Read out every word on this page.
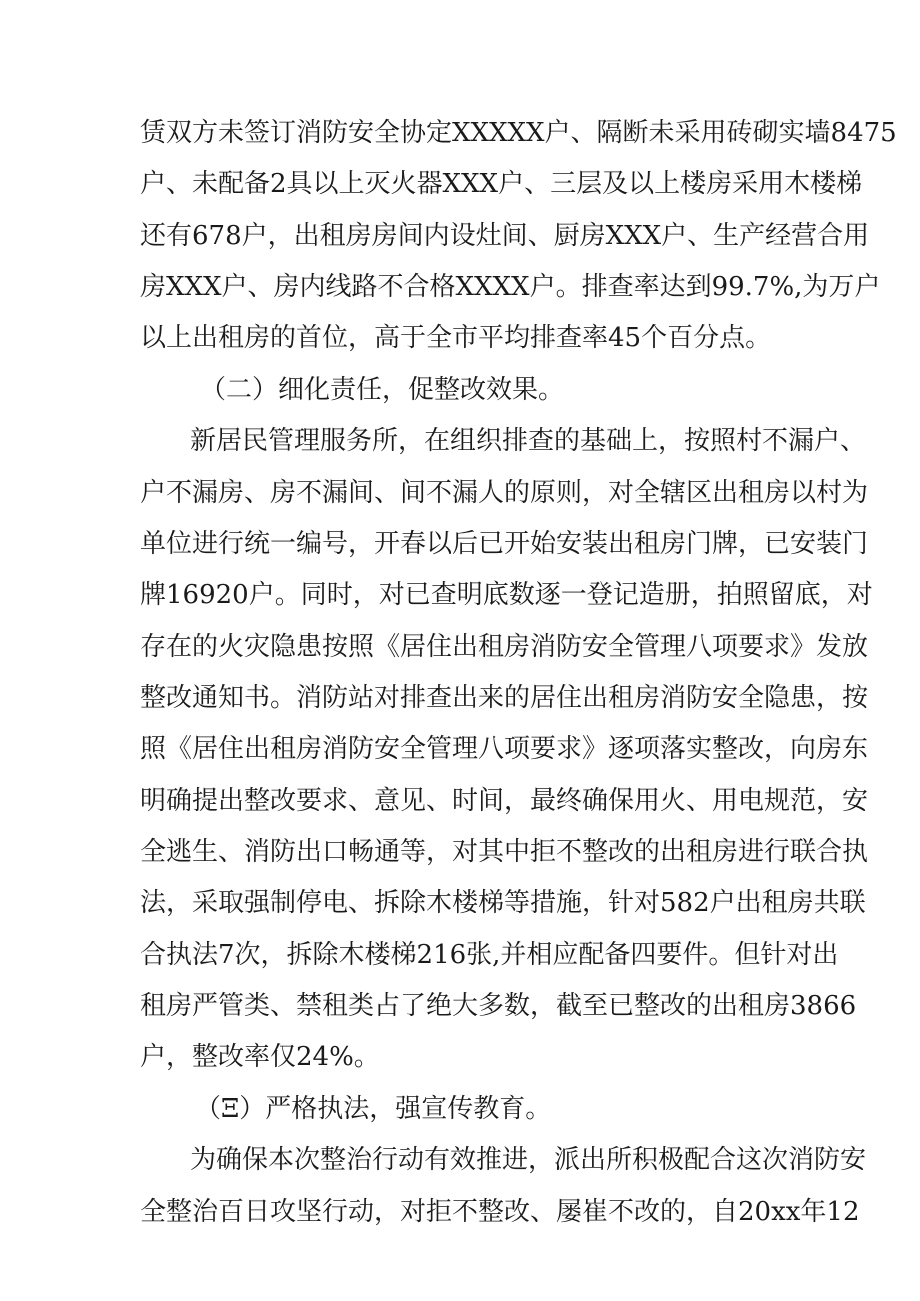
赁双方未签订消防安全协定XXXXX户、隔断未采用砖砌实墙8475
户、未配备2具以上灭火器XXX户、三层及以上楼房采用木楼梯
还有678户，出租房房间内设灶间、厨房XXX户、生产经营合用
房XXX户、房内线路不合格XXXX户。排查率达到99.7%,为万户
以上出租房的首位，高于全市平均排查率45个百分点。
（二）细化责任，促整改效果。
新居民管理服务所，在组织排查的基础上，按照村不漏户、
户不漏房、房不漏间、间不漏人的原则，对全辖区出租房以村为
单位进行统一编号，开春以后已开始安装出租房门牌，已安装门
牌16920户。同时，对已查明底数逐一登记造册，拍照留底，对
存在的火灾隐患按照《居住出租房消防安全管理八项要求》发放
整改通知书。消防站对排查出来的居住出租房消防安全隐患，按
照《居住出租房消防安全管理八项要求》逐项落实整改，向房东
明确提出整改要求、意见、时间，最终确保用火、用电规范，安
全逃生、消防出口畅通等，对其中拒不整改的出租房进行联合执
法，采取强制停电、拆除木楼梯等措施，针对582户出租房共联
合执法7次，拆除木楼梯216张,并相应配备四要件。但针对出
租房严管类、禁租类占了绝大多数，截至已整改的出租房3866
户，整改率仅24%。
（Ξ）严格执法，强宣传教育。
为确保本次整治行动有效推进，派出所积极配合这次消防安
全整治百日攻坚行动，对拒不整改、屡崔不改的，自20xx年12
